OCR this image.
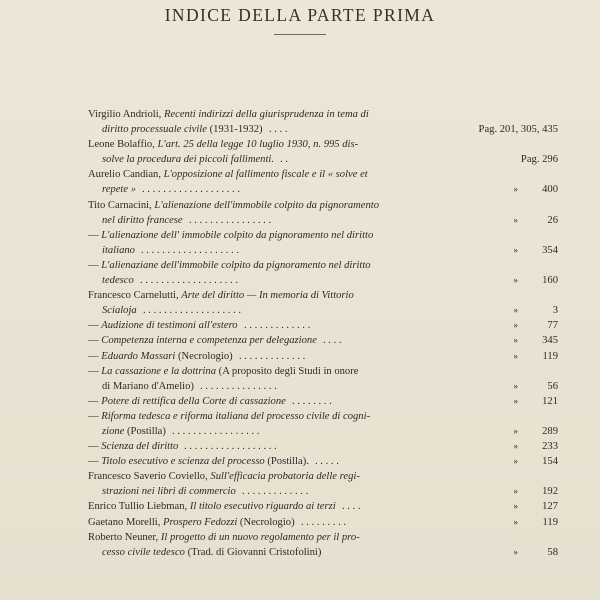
INDICE DELLA PARTE PRIMA
Virgilio Andrioli, Recenti indirizzi della giurisprudenza in tema di
diritto processuale civile (1931-1932)	Pag. 201, 305, 435
. . . .
Leone Bolaffio, L'art. 25 della legge 10 luglio 1930, n. 995 dis-
solve la procedura dei piccoli fallimenti.	Pag. 296
. .
Aurelio Candian, L'opposizione al fallimento fiscale e il « solve et
repete »	400
»
. . . . . . . . . . . . . . . . . . .
Tito Carnacini, L'alienazione dell'immobile colpito da pignoramento
nel diritto francese	26
»
. . . . . . . . . . . . . . . .
— L'alienazione dell' immobile colpito da pignoramento nel diritto
italiano	354
»
. . . . . . . . . . . . . . . . . . .
— L'alienaziane dell'immobile colpito da pignoramento nel diritto
tedesco	160
»
. . . . . . . . . . . . . . . . . . .
Francesco Carnelutti, Arte del diritto — In memoria di Vittorio
Scialoja	3
»
. . . . . . . . . . . . . . . . . . .
— Audizione di testimoni all'estero	77
»
. . . . . . . . . . . . .
— Competenza interna e competenza per delegazione	345
»
. . . .
— Eduardo Massari (Necrologio)	119
»
. . . . . . . . . . . . .
— La cassazione e la dottrina (A proposito degli Studi in onore
di Mariano d'Amelio)	56
»
. . . . . . . . . . . . . . .
— Potere di rettifica della Corte di cassazione	121
»
. . . . . . . .
— Riforma tedesca e riforma italiana del processo civile di cogni-
zione (Postilla)	289
»
. . . . . . . . . . . . . . . . .
— Scienza del diritto	233
»
. . . . . . . . . . . . . . . . . .
— Titolo esecutivo e scienza del processo (Postilla).	154
»
. . . . .
Francesco Saverio Coviello, Sull'efficacia probatoria delle regi-
strazioni nei libri di commercio	192
»
. . . . . . . . . . . . .
Enrico Tullio Liebman, Il titolo esecutivo riguardo ai terzi	127
»
. . . .
Gaetano Morelli, Prospero Fedozzi (Necrologio)	119
»
. . . . . . . . .
Roberto Neuner, Il progetto di un nuovo regolamento per il pro-
cesso civile tedesco (Trad. di Giovanni Cristofolini)	58
»
